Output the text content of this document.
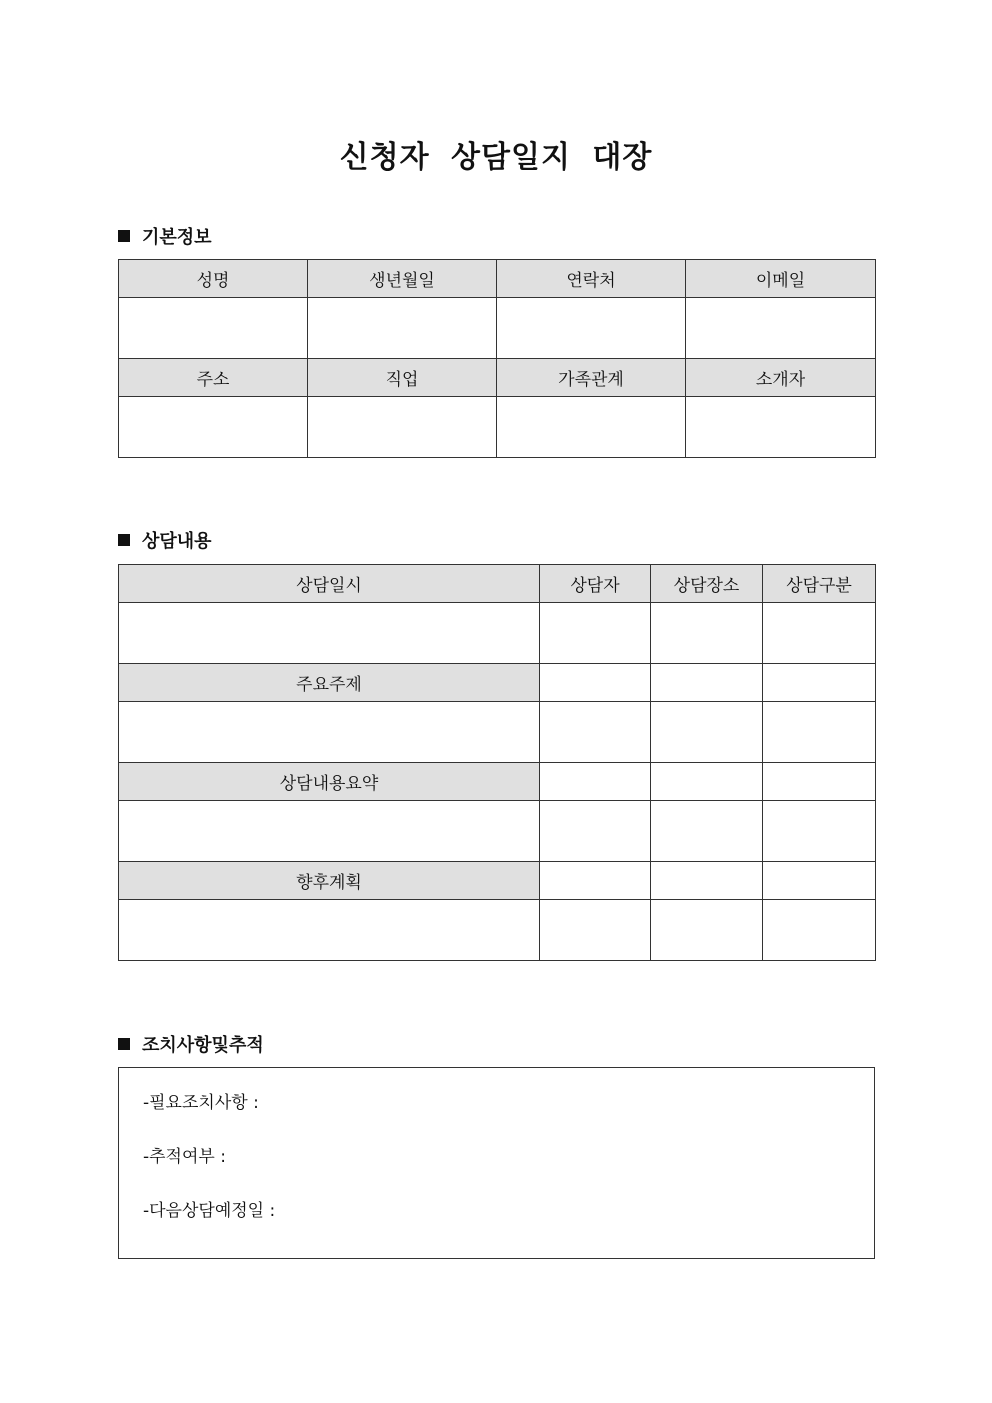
신청자 상담일지 대장
기본정보
성명	생년월일	연락처	이메일

주소	직업	가족관계	소개자

상담내용
상담일시	상담자	상담장소	상담구분

주요주제			

상담내용요약			

향후계획			

조치사항및추적
-필요조치사항 :
-추적여부 :
-다음상담예정일 :
